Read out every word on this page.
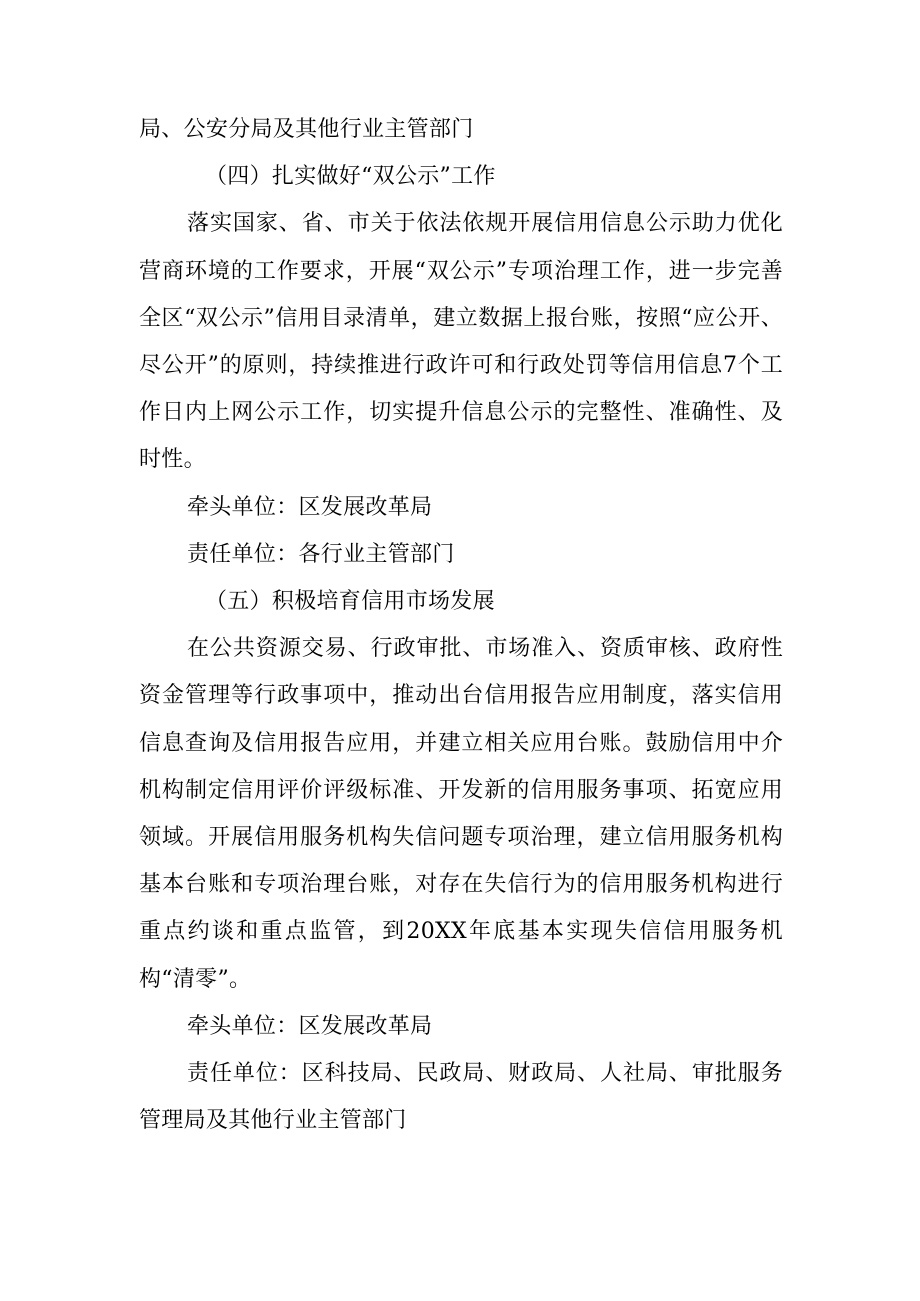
局、公安分局及其他行业主管部门

（四）扎实做好“双公示”工作

落实国家、省、市关于依法依规开展信用信息公示助力优化营商环境的工作要求，开展“双公示”专项治理工作，进一步完善全区“双公示”信用目录清单，建立数据上报台账，按照“应公开、尽公开”的原则，持续推进行政许可和行政处罚等信用信息7个工作日内上网公示工作，切实提升信息公示的完整性、准确性、及时性。

牵头单位：区发展改革局

责任单位：各行业主管部门

（五）积极培育信用市场发展

在公共资源交易、行政审批、市场准入、资质审核、政府性资金管理等行政事项中，推动出台信用报告应用制度，落实信用信息查询及信用报告应用，并建立相关应用台账。鼓励信用中介机构制定信用评价评级标准、开发新的信用服务事项、拓宽应用领域。开展信用服务机构失信问题专项治理，建立信用服务机构基本台账和专项治理台账，对存在失信行为的信用服务机构进行重点约谈和重点监管，到20XX年底基本实现失信信用服务机构“清零”。

牵头单位：区发展改革局

责任单位：区科技局、民政局、财政局、人社局、审批服务管理局及其他行业主管部门
